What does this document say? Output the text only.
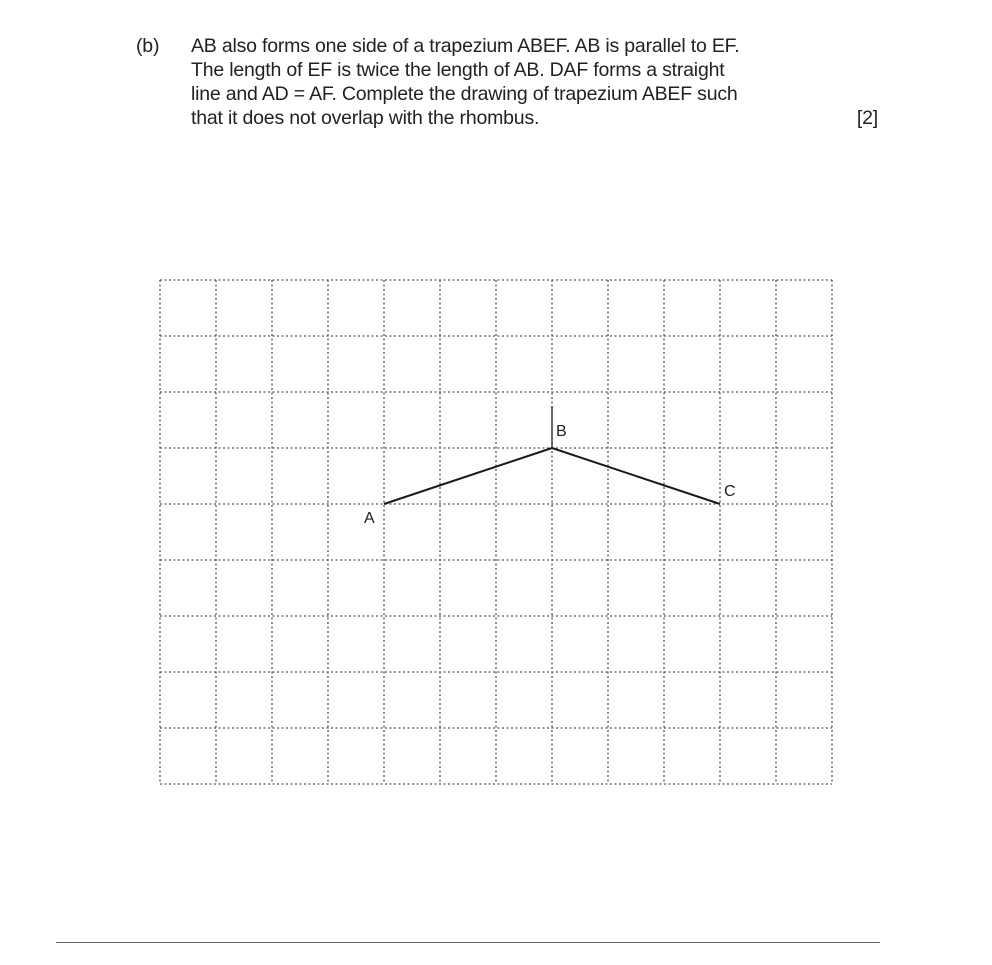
(b) AB also forms one side of a trapezium ABEF. AB is parallel to EF.
The length of EF is twice the length of AB. DAF forms a straight
line and AD = AF. Complete the drawing of trapezium ABEF such
that it does not overlap with the rhombus.	[2]
A
B
C
